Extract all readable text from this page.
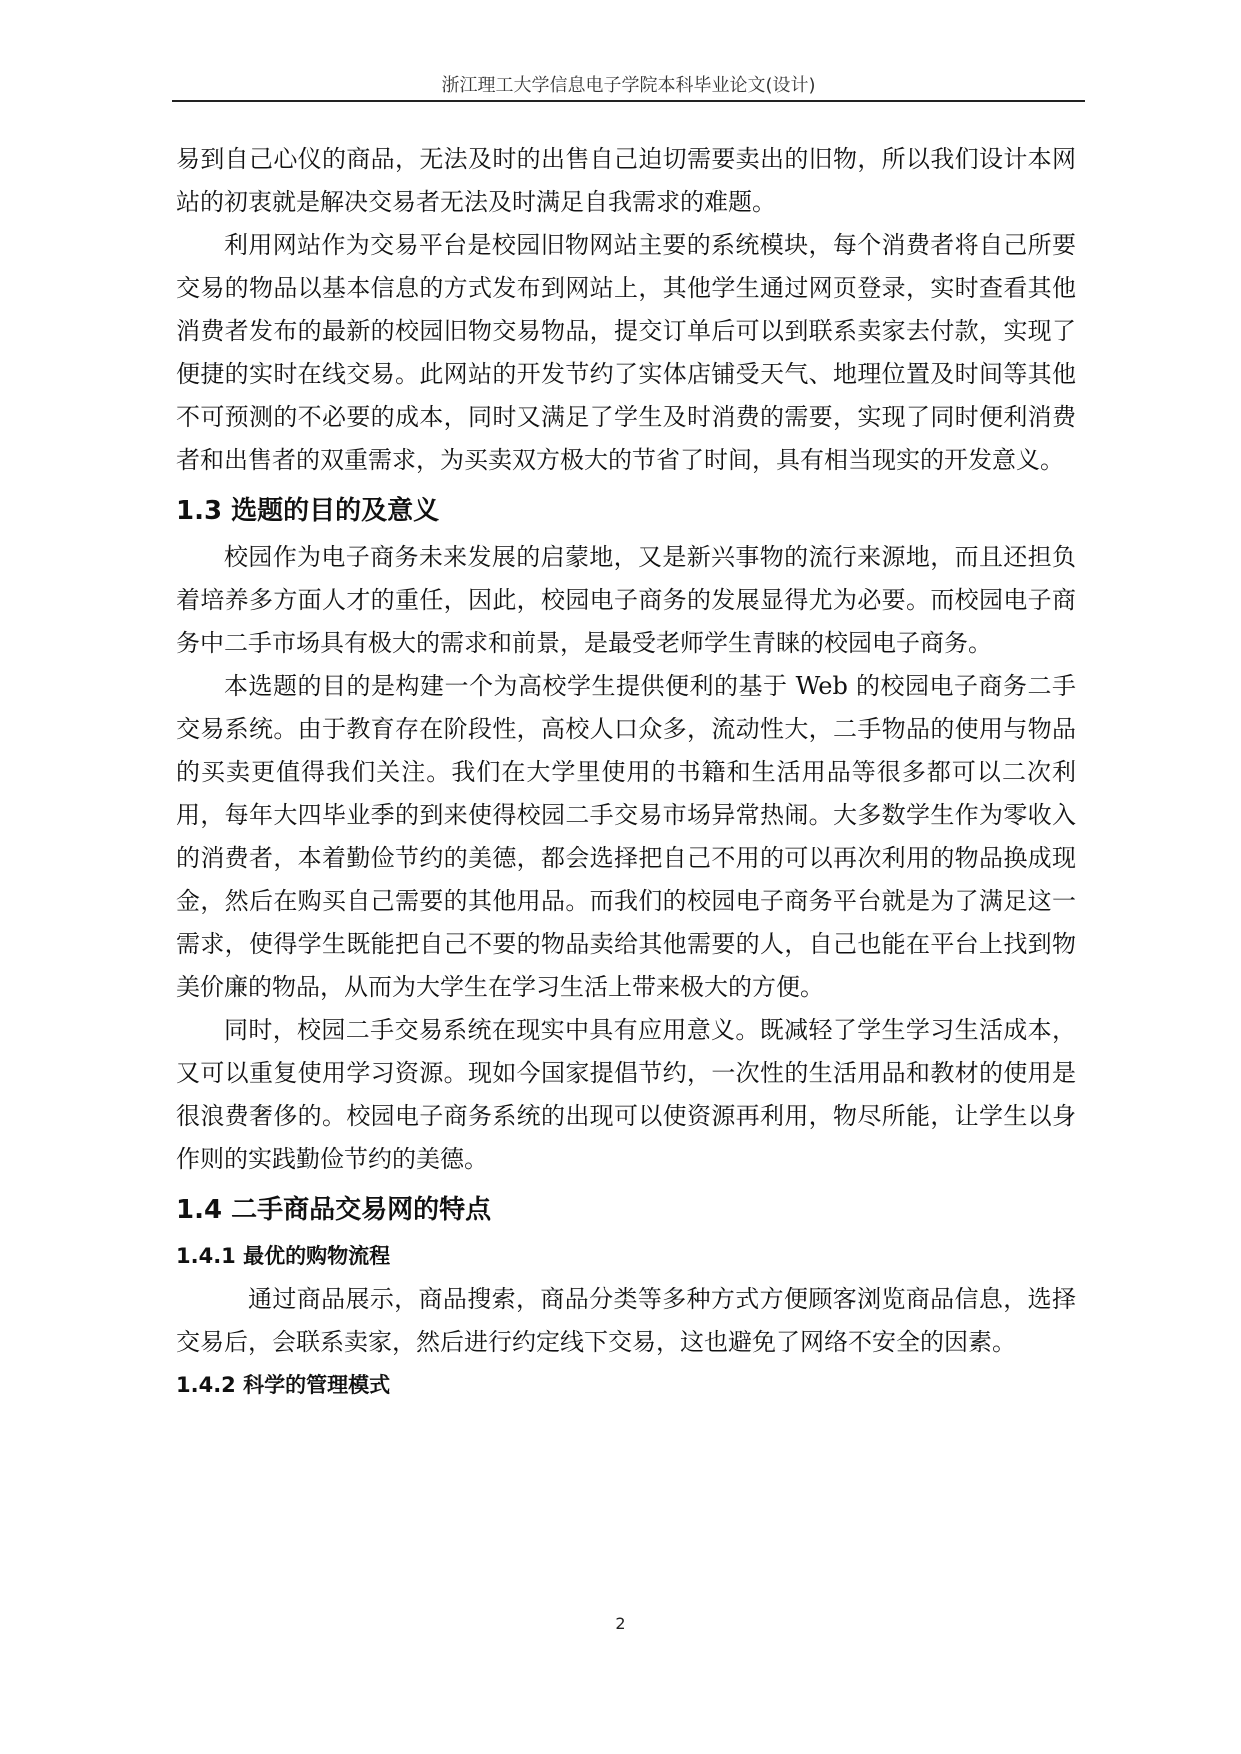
浙江理工大学信息电子学院本科毕业论文(设计)

易到自己心仪的商品，无法及时的出售自己迫切需要卖出的旧物，所以我们设计本网站的初衷就是解决交易者无法及时满足自我需求的难题。

利用网站作为交易平台是校园旧物网站主要的系统模块，每个消费者将自己所要交易的物品以基本信息的方式发布到网站上，其他学生通过网页登录，实时查看其他消费者发布的最新的校园旧物交易物品，提交订单后可以到联系卖家去付款，实现了便捷的实时在线交易。此网站的开发节约了实体店铺受天气、地理位置及时间等其他不可预测的不必要的成本，同时又满足了学生及时消费的需要，实现了同时便利消费者和出售者的双重需求，为买卖双方极大的节省了时间，具有相当现实的开发意义。

1.3 选题的目的及意义

校园作为电子商务未来发展的启蒙地，又是新兴事物的流行来源地，而且还担负着培养多方面人才的重任，因此，校园电子商务的发展显得尤为必要。而校园电子商务中二手市场具有极大的需求和前景，是最受老师学生青睐的校园电子商务。

本选题的目的是构建一个为高校学生提供便利的基于 Web 的校园电子商务二手交易系统。由于教育存在阶段性，高校人口众多，流动性大，二手物品的使用与物品的买卖更值得我们关注。我们在大学里使用的书籍和生活用品等很多都可以二次利用，每年大四毕业季的到来使得校园二手交易市场异常热闹。大多数学生作为零收入的消费者，本着勤俭节约的美德，都会选择把自己不用的可以再次利用的物品换成现金，然后在购买自己需要的其他用品。而我们的校园电子商务平台就是为了满足这一需求，使得学生既能把自己不要的物品卖给其他需要的人，自己也能在平台上找到物美价廉的物品，从而为大学生在学习生活上带来极大的方便。

同时，校园二手交易系统在现实中具有应用意义。既减轻了学生学习生活成本，又可以重复使用学习资源。现如今国家提倡节约，一次性的生活用品和教材的使用是很浪费奢侈的。校园电子商务系统的出现可以使资源再利用，物尽所能，让学生以身作则的实践勤俭节约的美德。

1.4 二手商品交易网的特点
1.4.1 最优的购物流程

通过商品展示，商品搜索，商品分类等多种方式方便顾客浏览商品信息，选择交易后，会联系卖家，然后进行约定线下交易，这也避免了网络不安全的因素。

1.4.2 科学的管理模式
2
